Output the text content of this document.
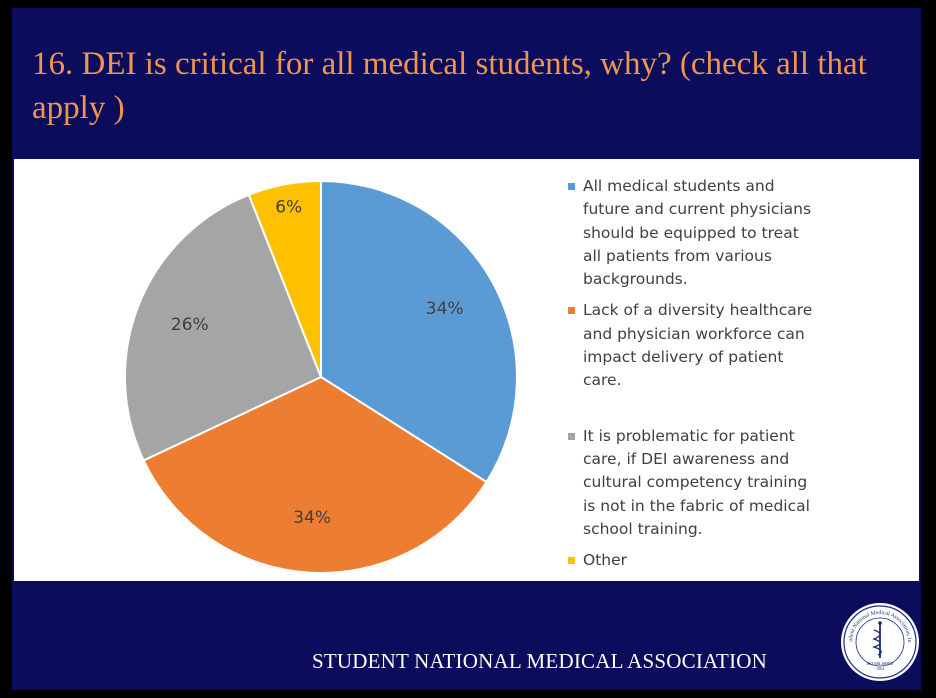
16. DEI is critical for all medical students, why? (check all that apply )
34%
34%
26%
6%
All medical students and future and current physicians should be equipped to treat all patients from various backgrounds.
Lack of a diversity healthcare and physician workforce can impact delivery of patient care.
It is problematic for patient care, if DEI awareness and cultural competency training is not in the fabric of medical school training.
Other
STUDENT NATIONAL MEDICAL ASSOCIATION
udent National Medical Association, In
ESTABLISHED
1964
